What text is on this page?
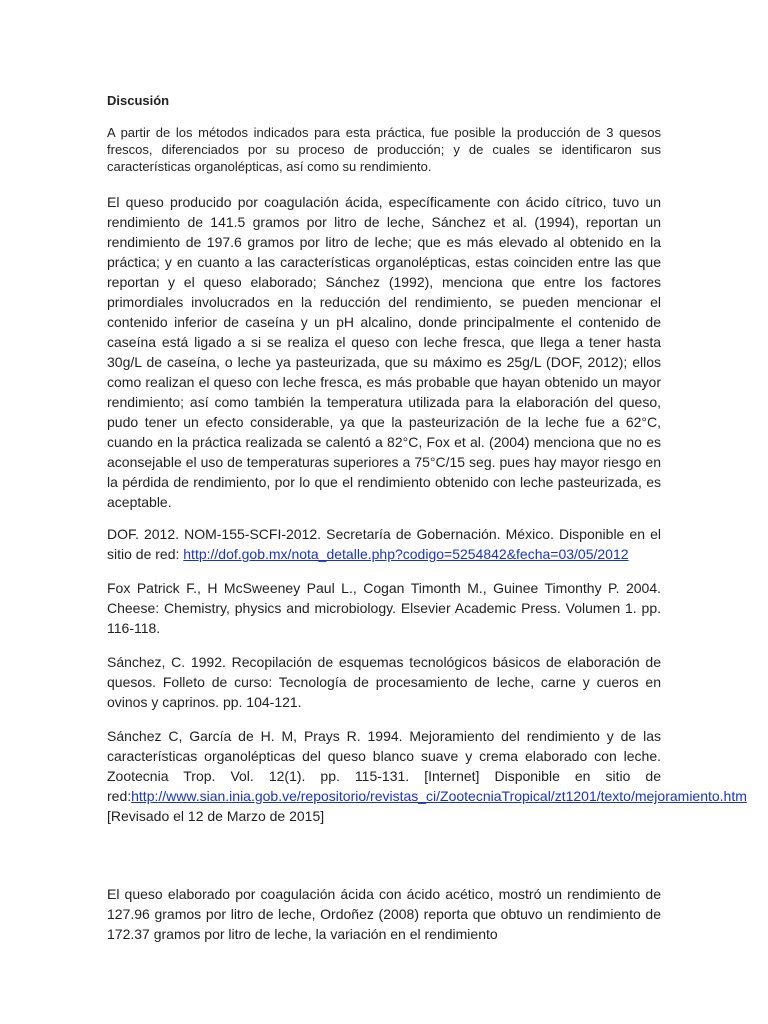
Discusión

A partir de los métodos indicados para esta práctica, fue posible la producción de 3 quesos frescos, diferenciados por su proceso de producción; y de cuales se identificaron sus características organolépticas, así como su rendimiento.

El queso producido por coagulación ácida, específicamente con ácido cítrico, tuvo un rendimiento de 141.5 gramos por litro de leche, Sánchez et al. (1994), reportan un rendimiento de 197.6 gramos por litro de leche; que es más elevado al obtenido en la práctica; y en cuanto a las características organolépticas, estas coinciden entre las que reportan y el queso elaborado; Sánchez (1992), menciona que entre los factores primordiales involucrados en la reducción del rendimiento, se pueden mencionar el contenido inferior de caseína y un pH alcalino, donde principalmente el contenido de caseína está ligado a si se realiza el queso con leche fresca, que llega a tener hasta 30g/L de caseína, o leche ya pasteurizada, que su máximo es 25g/L (DOF, 2012); ellos como realizan el queso con leche fresca, es más probable que hayan obtenido un mayor rendimiento; así como también la temperatura utilizada para la elaboración del queso, pudo tener un efecto considerable, ya que la pasteurización de la leche fue a 62°C, cuando en la práctica realizada se calentó a 82°C, Fox et al. (2004) menciona que no es aconsejable el uso de temperaturas superiores a 75°C/15 seg. pues hay mayor riesgo en la pérdida de rendimiento, por lo que el rendimiento obtenido con leche pasteurizada, es aceptable.

DOF. 2012. NOM-155-SCFI-2012. Secretaría de Gobernación. México. Disponible en el sitio de red: http://dof.gob.mx/nota_detalle.php?codigo=5254842&fecha=03/05/2012

Fox Patrick F., H McSweeney Paul L., Cogan Timonth M., Guinee Timonthy P. 2004. Cheese: Chemistry, physics and microbiology. Elsevier Academic Press. Volumen 1. pp. 116-118.

Sánchez, C. 1992. Recopilación de esquemas tecnológicos básicos de elaboración de quesos. Folleto de curso: Tecnología de procesamiento de leche, carne y cueros en ovinos y caprinos. pp. 104-121.

Sánchez C, García de H. M, Prays R. 1994. Mejoramiento del rendimiento y de las características organolépticas del queso blanco suave y crema elaborado con leche. Zootecnia Trop. Vol. 12(1). pp. 115-131. [Internet] Disponible en sitio de red:http://www.sian.inia.gob.ve/repositorio/revistas_ci/ZootecniaTropical/zt1201/texto/mejoramiento.htm [Revisado el 12 de Marzo de 2015]

El queso elaborado por coagulación ácida con ácido acético, mostró un rendimiento de 127.96 gramos por litro de leche, Ordoñez (2008) reporta que obtuvo un rendimiento de 172.37 gramos por litro de leche, la variación en el rendimiento
